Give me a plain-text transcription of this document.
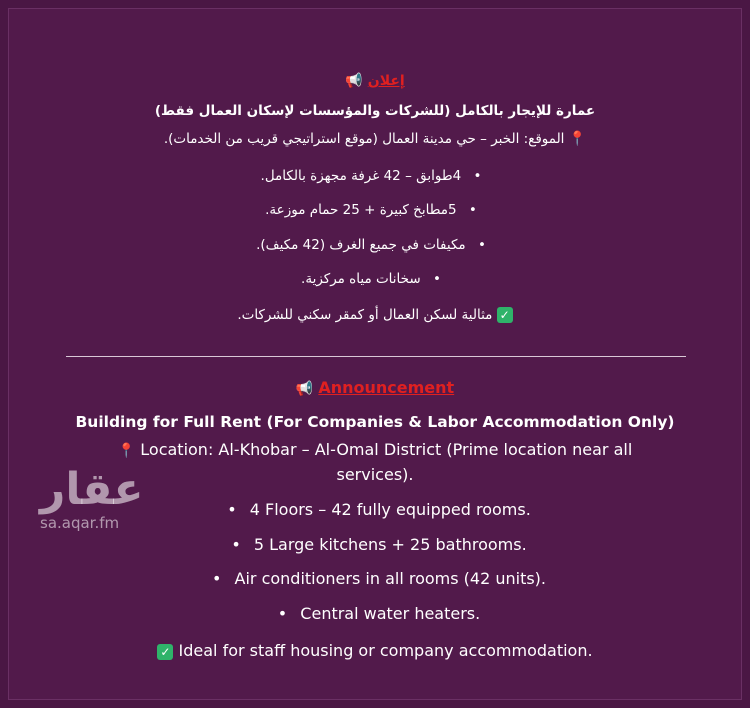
إعلان 📢
عمارة للإيجار بالكامل (للشركات والمؤسسات لإسكان العمال فقط)
📍 الموقع: الخبر – حي مدينة العمال (موقع استراتيجي قريب من الخدمات).
• 4طوابق – 42 غرفة مجهزة بالكامل.
• 5مطابخ كبيرة + 25 حمام موزعة.
• مكيفات في جميع الغرف (42 مكيف).
• سخانات مياه مركزية.
✓ مثالية لسكن العمال أو كمقر سكني للشركات.
📢 Announcement
Building for Full Rent (For Companies & Labor Accommodation Only)
📍 Location: Al-Khobar – Al-Omal District (Prime location near all
services).
• 4 Floors – 42 fully equipped rooms.
• 5 Large kitchens + 25 bathrooms.
• Air conditioners in all rooms (42 units).
• Central water heaters.
✓ Ideal for staff housing or company accommodation.
عقار
sa.aqar.fm
